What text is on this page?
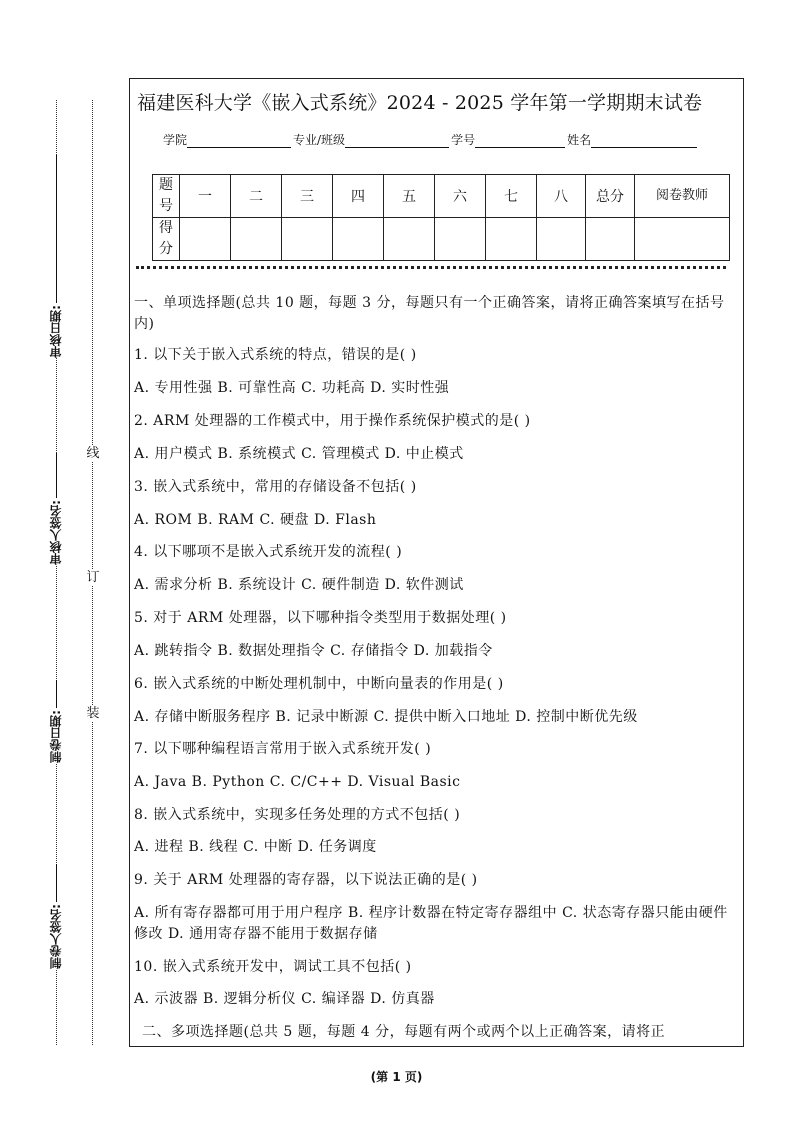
线
订
装
审核日期:
审核人签名:
制卷日期:
制卷人签名:
福建医科大学《嵌入式系统》2024 - 2025 学年第一学期期末试卷
学院	专业/班级	学号	姓名
题号	一	二	三	四	五	六	七	八	总分	阅卷教师
得分										
一、单项选择题(总共 10 题，每题 3 分，每题只有一个正确答案，请将正确答案填写在括号内)
1. 以下关于嵌入式系统的特点，错误的是( )
A. 专用性强 B. 可靠性高 C. 功耗高 D. 实时性强
2. ARM 处理器的工作模式中，用于操作系统保护模式的是( )
A. 用户模式 B. 系统模式 C. 管理模式 D. 中止模式
3. 嵌入式系统中，常用的存储设备不包括( )
A. ROM B. RAM C. 硬盘 D. Flash
4. 以下哪项不是嵌入式系统开发的流程( )
A. 需求分析 B. 系统设计 C. 硬件制造 D. 软件测试
5. 对于 ARM 处理器，以下哪种指令类型用于数据处理( )
A. 跳转指令 B. 数据处理指令 C. 存储指令 D. 加载指令
6. 嵌入式系统的中断处理机制中，中断向量表的作用是( )
A. 存储中断服务程序 B. 记录中断源 C. 提供中断入口地址 D. 控制中断优先级
7. 以下哪种编程语言常用于嵌入式系统开发( )
A. Java B. Python C. C/C++ D. Visual Basic
8. 嵌入式系统中，实现多任务处理的方式不包括( )
A. 进程 B. 线程 C. 中断 D. 任务调度
9. 关于 ARM 处理器的寄存器，以下说法正确的是( )
A. 所有寄存器都可用于用户程序 B. 程序计数器在特定寄存器组中 C. 状态寄存器只能由硬件修改 D. 通用寄存器不能用于数据存储
10. 嵌入式系统开发中，调试工具不包括( )
A. 示波器 B. 逻辑分析仪 C. 编译器 D. 仿真器
二、多项选择题(总共 5 题，每题 4 分，每题有两个或两个以上正确答案，请将正
(第 1 页)
